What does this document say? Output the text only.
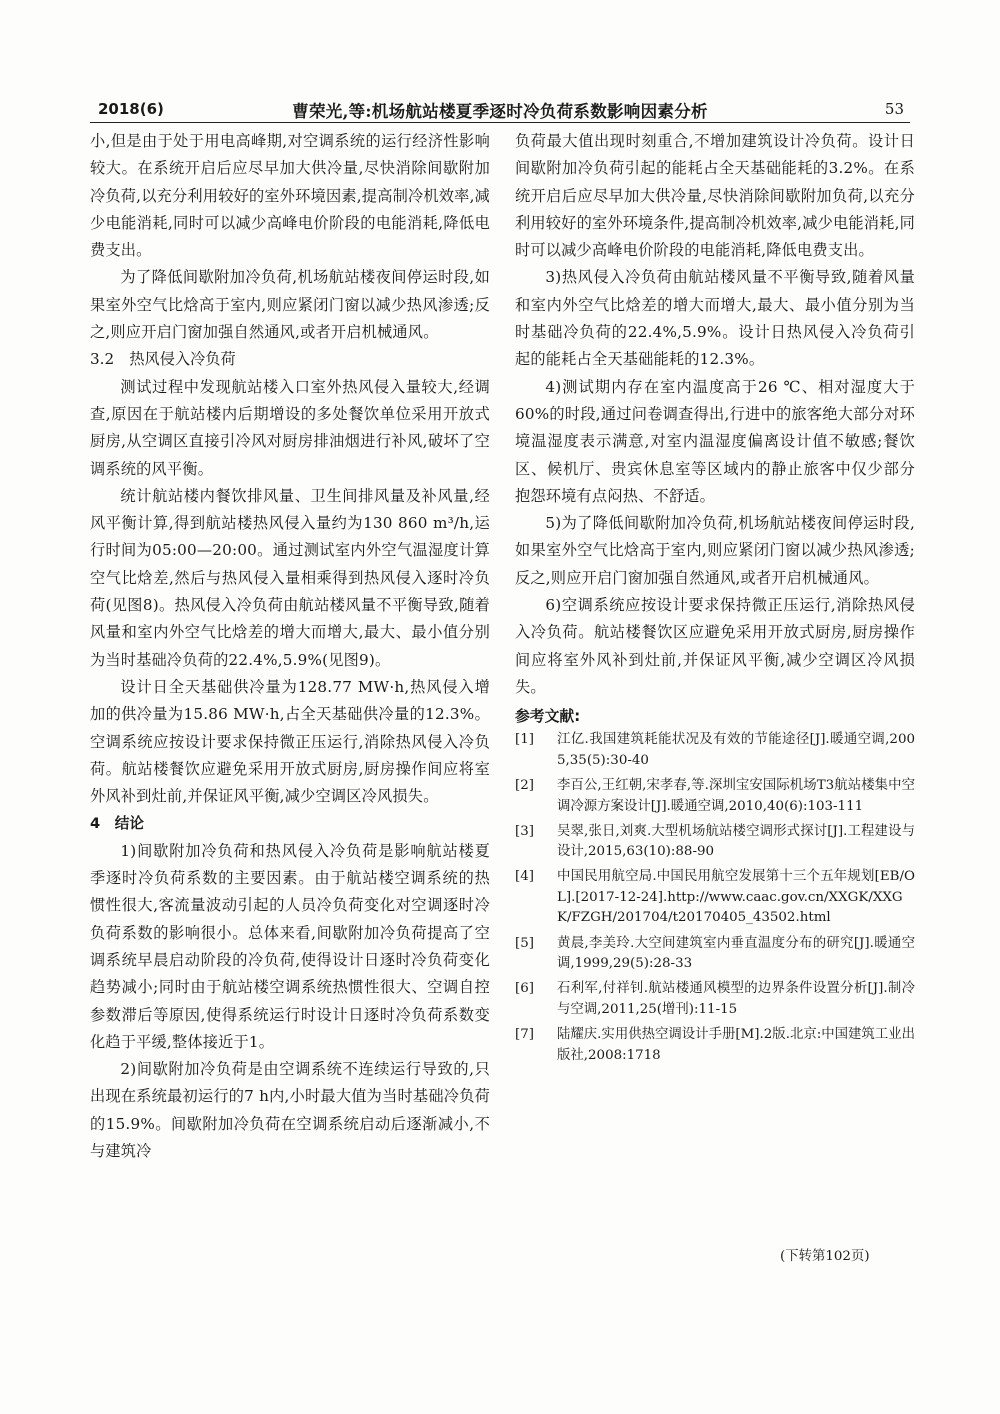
2018(6)	曹荣光,等:机场航站楼夏季逐时冷负荷系数影响因素分析	53

小,但是由于处于用电高峰期,对空调系统的运行经济性影响较大。在系统开启后应尽早加大供冷量,尽快消除间歇附加冷负荷,以充分利用较好的室外环境因素,提高制冷机效率,减少电能消耗,同时可以减少高峰电价阶段的电能消耗,降低电费支出。

为了降低间歇附加冷负荷,机场航站楼夜间停运时段,如果室外空气比焓高于室内,则应紧闭门窗以减少热风渗透;反之,则应开启门窗加强自然通风,或者开启机械通风。

3.2　热风侵入冷负荷

测试过程中发现航站楼入口室外热风侵入量较大,经调查,原因在于航站楼内后期增设的多处餐饮单位采用开放式厨房,从空调区直接引冷风对厨房排油烟进行补风,破坏了空调系统的风平衡。

统计航站楼内餐饮排风量、卫生间排风量及补风量,经风平衡计算,得到航站楼热风侵入量约为130 860 m³/h,运行时间为05:00—20:00。通过测试室内外空气温湿度计算空气比焓差,然后与热风侵入量相乘得到热风侵入逐时冷负荷(见图8)。热风侵入冷负荷由航站楼风量不平衡导致,随着风量和室内外空气比焓差的增大而增大,最大、最小值分别为当时基础冷负荷的22.4%,5.9%(见图9)。

设计日全天基础供冷量为128.77 MW·h,热风侵入增加的供冷量为15.86 MW·h,占全天基础供冷量的12.3%。空调系统应按设计要求保持微正压运行,消除热风侵入冷负荷。航站楼餐饮应避免采用开放式厨房,厨房操作间应将室外风补到灶前,并保证风平衡,减少空调区冷风损失。

4　结论

1)间歇附加冷负荷和热风侵入冷负荷是影响航站楼夏季逐时冷负荷系数的主要因素。由于航站楼空调系统的热惯性很大,客流量波动引起的人员冷负荷变化对空调逐时冷负荷系数的影响很小。总体来看,间歇附加冷负荷提高了空调系统早晨启动阶段的冷负荷,使得设计日逐时冷负荷变化趋势减小;同时由于航站楼空调系统热惯性很大、空调自控参数滞后等原因,使得系统运行时设计日逐时冷负荷系数变化趋于平缓,整体接近于1。

2)间歇附加冷负荷是由空调系统不连续运行导致的,只出现在系统最初运行的7 h内,小时最大值为当时基础冷负荷的15.9%。间歇附加冷负荷在空调系统启动后逐渐减小,不与建筑冷

负荷最大值出现时刻重合,不增加建筑设计冷负荷。设计日间歇附加冷负荷引起的能耗占全天基础能耗的3.2%。在系统开启后应尽早加大供冷量,尽快消除间歇附加负荷,以充分利用较好的室外环境条件,提高制冷机效率,减少电能消耗,同时可以减少高峰电价阶段的电能消耗,降低电费支出。

3)热风侵入冷负荷由航站楼风量不平衡导致,随着风量和室内外空气比焓差的增大而增大,最大、最小值分别为当时基础冷负荷的22.4%,5.9%。设计日热风侵入冷负荷引起的能耗占全天基础能耗的12.3%。

4)测试期内存在室内温度高于26 ℃、相对湿度大于60%的时段,通过问卷调查得出,行进中的旅客绝大部分对环境温湿度表示满意,对室内温湿度偏离设计值不敏感;餐饮区、候机厅、贵宾休息室等区域内的静止旅客中仅少部分抱怨环境有点闷热、不舒适。

5)为了降低间歇附加冷负荷,机场航站楼夜间停运时段,如果室外空气比焓高于室内,则应紧闭门窗以减少热风渗透;反之,则应开启门窗加强自然通风,或者开启机械通风。

6)空调系统应按设计要求保持微正压运行,消除热风侵入冷负荷。航站楼餐饮区应避免采用开放式厨房,厨房操作间应将室外风补到灶前,并保证风平衡,减少空调区冷风损失。

参考文献:

[1]	江亿.我国建筑耗能状况及有效的节能途径[J].暖通空调,2005,35(5):30-40
[2]	李百公,王红朝,宋孝春,等.深圳宝安国际机场T3航站楼集中空调冷源方案设计[J].暖通空调,2010,40(6):103-111
[3]	吴翠,张日,刘爽.大型机场航站楼空调形式探讨[J].工程建设与设计,2015,63(10):88-90
[4]	中国民用航空局.中国民用航空发展第十三个五年规划[EB/OL].[2017-12-24].http://www.caac.gov.cn/XXGK/XXGK/FZGH/201704/t20170405_43502.html
[5]	黄晨,李美玲.大空间建筑室内垂直温度分布的研究[J].暖通空调,1999,29(5):28-33
[6]	石利军,付祥钊.航站楼通风模型的边界条件设置分析[J].制冷与空调,2011,25(增刊):11-15
[7]	陆耀庆.实用供热空调设计手册[M].2版.北京:中国建筑工业出版社,2008:1718
(下转第102页)
